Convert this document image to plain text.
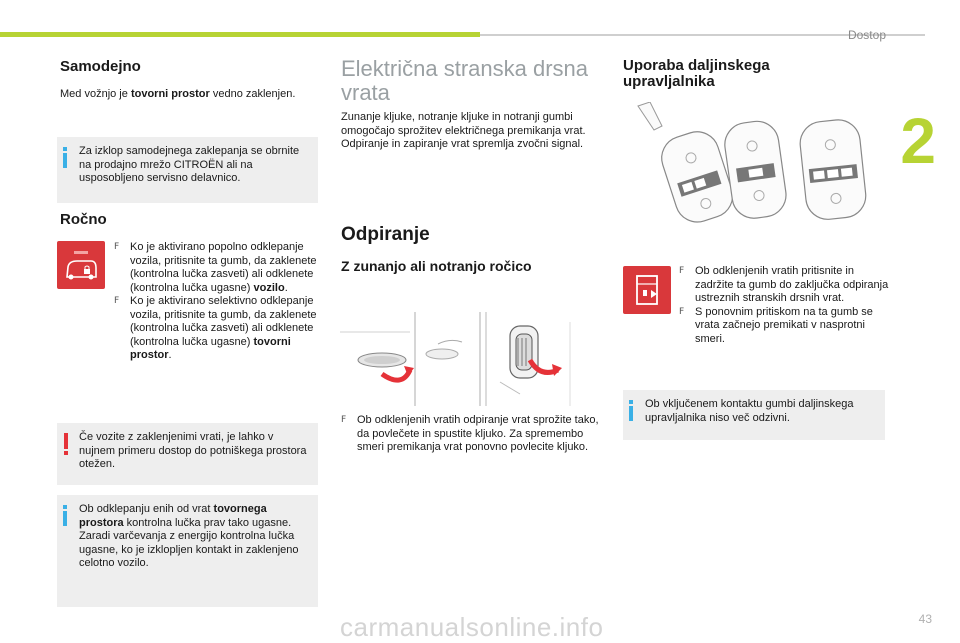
Dostop
2
Samodejno

Med vožnjo je tovorni prostor vedno zaklenjen.

Za izklop samodejnega zaklepanja se obrnite na prodajno mrežo CITROËN ali na usposobljeno servisno delavnico.
Ročno
F Ko je aktivirano popolno odklepanje vozila, pritisnite ta gumb, da zaklenete (kontrolna lučka zasveti) ali odklenete (kontrolna lučka ugasne) vozilo.
F Ko je aktivirano selektivno odklepanje vozila, pritisnite ta gumb, da zaklenete (kontrolna lučka zasveti) ali odklenete (kontrolna lučka ugasne) tovorni prostor.
Če vozite z zaklenjenimi vrati, je lahko v nujnem primeru dostop do potniškega prostora otežen.
Ob odklepanju enih od vrat tovornega prostora kontrolna lučka prav tako ugasne.
Zaradi varčevanja z energijo kontrolna lučka ugasne, ko je izklopljen kontakt in zaklenjeno celotno vozilo.
Električna stranska drsna vrata

Zunanje kljuke, notranje kljuke in notranji gumbi omogočajo sprožitev električnega premikanja vrat.
Odpiranje in zapiranje vrat spremlja zvočni signal.

Odpiranje
Z zunanjo ali notranjo ročico
F Ob odklenjenih vratih odpiranje vrat sprožite tako, da povlečete in spustite kljuko. Za spremembo smeri premikanja vrat ponovno povlecite kljuko.
Uporaba daljinskega upravljalnika
F Ob odklenjenih vratih pritisnite in zadržite ta gumb do zaključka odpiranja ustreznih stranskih drsnih vrat.
F S ponovnim pritiskom na ta gumb se vrata začnejo premikati v nasprotni smeri.
Ob vključenem kontaktu gumbi daljinskega upravljalnika niso več odzivni.
carmanualsonline.info	43
